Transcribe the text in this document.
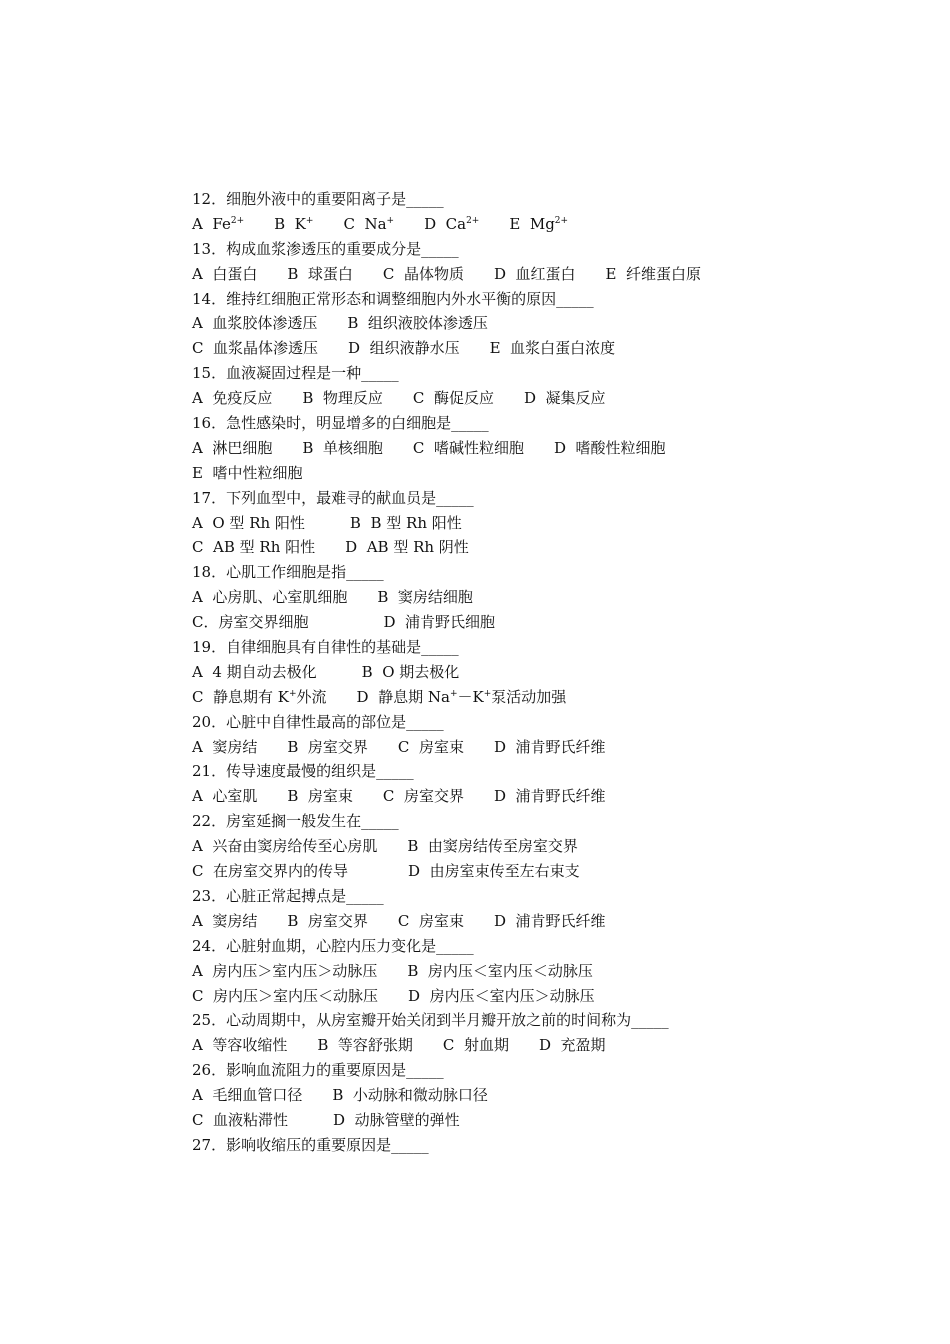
12．细胞外液中的重要阳离子是_____
A  $Fe^{2+}$　　B  K+　　C  Na+　　D  $Ca^{2+}$　　E  $Mg^{2+}$
13．构成血浆渗透压的重要成分是_____
A  白蛋白　　B  球蛋白　　C  晶体物质　　D  血红蛋白　　E  纤维蛋白原
14．维持红细胞正常形态和调整细胞内外水平衡的原因_____
A  血浆胶体渗透压　　B  组织液胶体渗透压
C  血浆晶体渗透压　　D  组织液静水压　　E  血浆白蛋白浓度
15．血液凝固过程是一种_____
A  免疫反应　　B  物理反应　　C  酶促反应　　D  凝集反应
16．急性感染时，明显增多的白细胞是_____
A  淋巴细胞　　B  单核细胞　　C  嗜碱性粒细胞　　D  嗜酸性粒细胞
E  嗜中性粒细胞
17．下列血型中，最难寻的献血员是_____
A  O 型 Rh 阳性　　　B  B 型 Rh 阳性
C  AB 型 Rh 阳性　　D  AB 型 Rh 阴性
18．心肌工作细胞是指_____
A  心房肌、心室肌细胞　　B  窦房结细胞
C．房室交界细胞　　　　　D  浦肯野氏细胞
19．自律细胞具有自律性的基础是_____
A  4 期自动去极化　　　B  O 期去极化
C  静息期有 K+外流　　D  静息期 Na+－K+泵活动加强
20．心脏中自律性最高的部位是_____
A  窦房结　　B  房室交界　　C  房室束　　D  浦肯野氏纤维
21．传导速度最慢的组织是_____
A  心室肌　　B  房室束　　C  房室交界　　D  浦肯野氏纤维
22．房室延搁一般发生在_____
A  兴奋由窦房给传至心房肌　　B  由窦房结传至房室交界
C  在房室交界内的传导　　　　D  由房室束传至左右束支
23．心脏正常起搏点是_____
A  窦房结　　B  房室交界　　C  房室束　　D  浦肯野氏纤维
24．心脏射血期，心腔内压力变化是_____
A  房内压＞室内压＞动脉压　　B  房内压＜室内压＜动脉压
C  房内压＞室内压＜动脉压　　D  房内压＜室内压＞动脉压
25．心动周期中，从房室瓣开始关闭到半月瓣开放之前的时间称为_____
A  等容收缩性　　B  等容舒张期　　C  射血期　　D  充盈期
26．影响血流阻力的重要原因是_____
A  毛细血管口径　　B  小动脉和微动脉口径
C  血液粘滞性　　　D  动脉管壁的弹性
27．影响收缩压的重要原因是_____
